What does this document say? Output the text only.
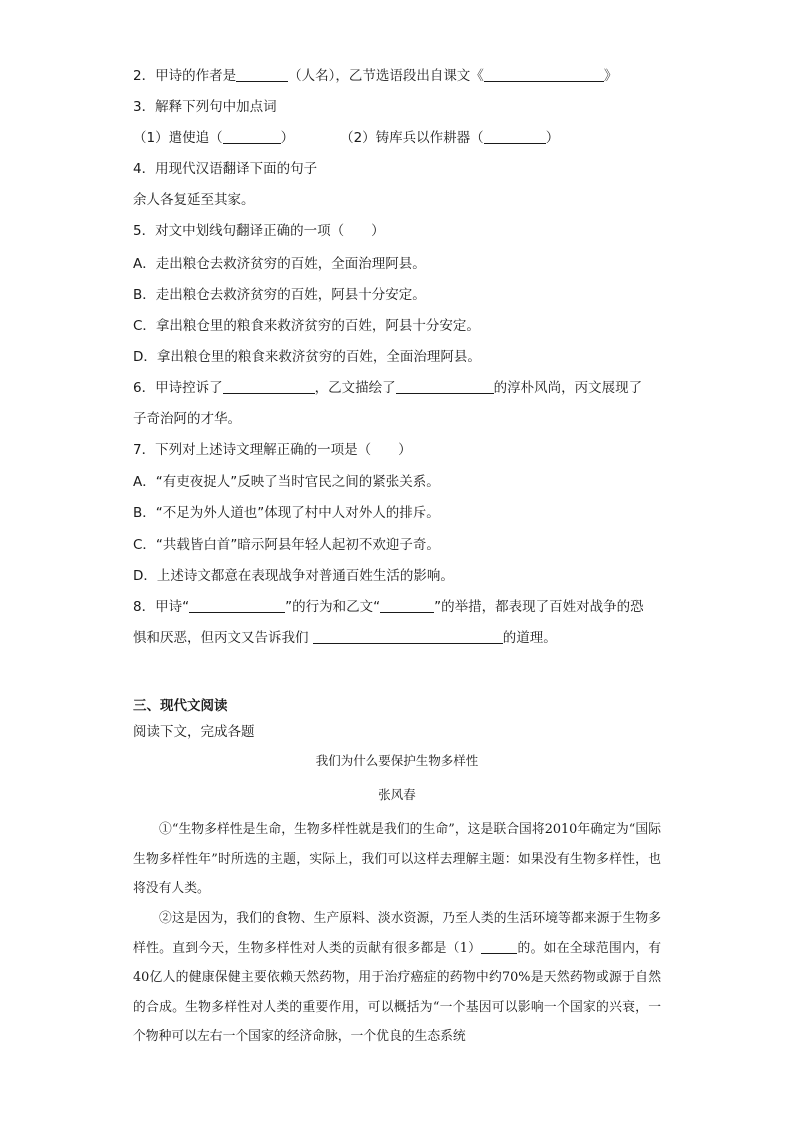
2．甲诗的作者是	（人名），乙节选语段出自课文《	》
3．解释下列句中加点词
（1）遣使追（	）	（2）铸库兵以作耕器（	）
4．用现代汉语翻译下面的句子
余人各复延至其家。
5．对文中划线句翻译正确的一项（　　）
A．走出粮仓去救济贫穷的百姓，全面治理阿县。
B．走出粮仓去救济贫穷的百姓，阿县十分安定。
C．拿出粮仓里的粮食来救济贫穷的百姓，阿县十分安定。
D．拿出粮仓里的粮食来救济贫穷的百姓，全面治理阿县。
6．甲诗控诉了	，乙文描绘了	的淳朴风尚，丙文展现了
子奇治阿的才华。
7．下列对上述诗文理解正确的一项是（　　）
A．“有吏夜捉人”反映了当时官民之间的紧张关系。
B．“不足为外人道也”体现了村中人对外人的排斥。
C．“共载皆白首”暗示阿县年轻人起初不欢迎子奇。
D．上述诗文都意在表现战争对普通百姓生活的影响。
8．甲诗“	”的行为和乙文“	”的举措，都表现了百姓对战争的恐
惧和厌恶，但丙文又告诉我们	的道理。
三、现代文阅读
阅读下文，完成各题
我们为什么要保护生物多样性
张风春
①“生物多样性是生命，生物多样性就是我们的生命”，这是联合国将2010年确定为“国际生物多样性年”时所选的主题，实际上，我们可以这样去理解主题：如果没有生物多样性，也将没有人类。
②这是因为，我们的食物、生产原料、淡水资源，乃至人类的生活环境等都来源于生物多样性。直到今天，生物多样性对人类的贡献有很多都是（1）	的。如在全球范围内，有40亿人的健康保健主要依赖天然药物，用于治疗癌症的药物中约70%是天然药物或源于自然的合成。生物多样性对人类的重要作用，可以概括为“一个基因可以影响一个国家的兴衰，一个物种可以左右一个国家的经济命脉，一个优良的生态系统
